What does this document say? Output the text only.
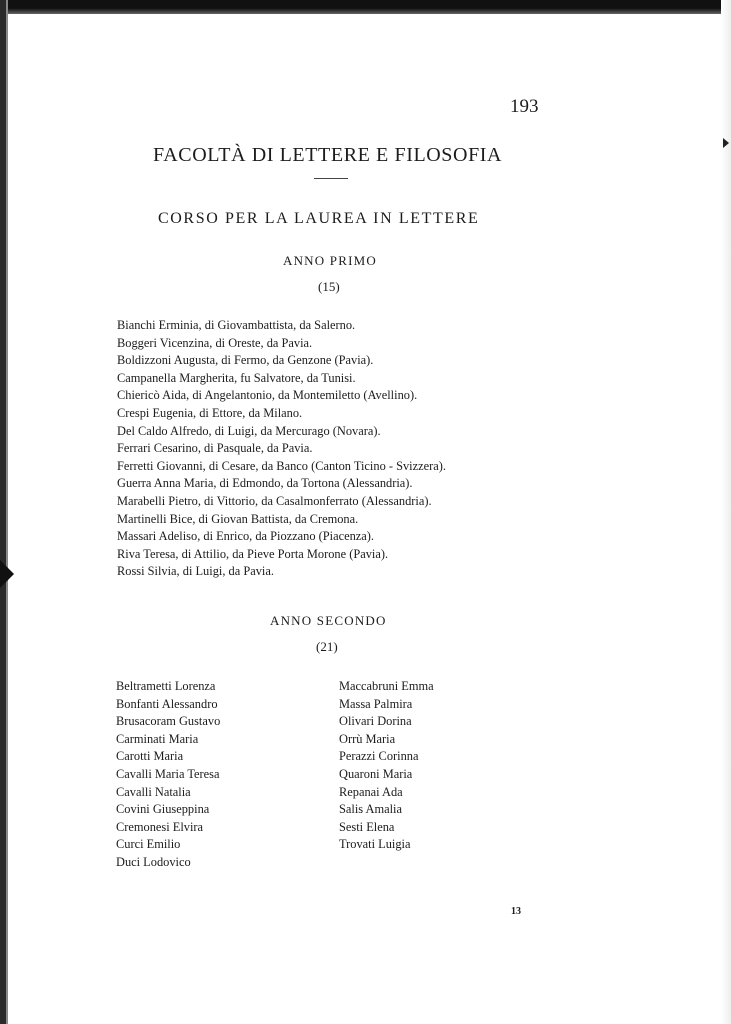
193
FACOLTÀ DI LETTERE E FILOSOFIA
CORSO PER LA LAUREA IN LETTERE
ANNO PRIMO
(15)
Bianchi Erminia, di Giovambattista, da Salerno.
Boggeri Vicenzina, di Oreste, da Pavia.
Boldizzoni Augusta, di Fermo, da Genzone (Pavia).
Campanella Margherita, fu Salvatore, da Tunisi.
Chiericò Aida, di Angelantonio, da Montemiletto (Avellino).
Crespi Eugenia, di Ettore, da Milano.
Del Caldo Alfredo, di Luigi, da Mercurago (Novara).
Ferrari Cesarino, di Pasquale, da Pavia.
Ferretti Giovanni, di Cesare, da Banco (Canton Ticino - Svizzera).
Guerra Anna Maria, di Edmondo, da Tortona (Alessandria).
Marabelli Pietro, di Vittorio, da Casalmonferrato (Alessandria).
Martinelli Bice, di Giovan Battista, da Cremona.
Massari Adeliso, di Enrico, da Piozzano (Piacenza).
Riva Teresa, di Attilio, da Pieve Porta Morone (Pavia).
Rossi Silvia, di Luigi, da Pavia.
ANNO SECONDO
(21)
Beltrametti Lorenza
Bonfanti Alessandro
Brusacoram Gustavo
Carminati Maria
Carotti Maria
Cavalli Maria Teresa
Cavalli Natalia
Covini Giuseppina
Cremonesi Elvira
Curci Emilio
Duci Lodovico
Maccabruni Emma
Massa Palmira
Olivari Dorina
Orrù Maria
Perazzi Corinna
Quaroni Maria
Repanai Ada
Salis Amalia
Sesti Elena
Trovati Luigia
13
